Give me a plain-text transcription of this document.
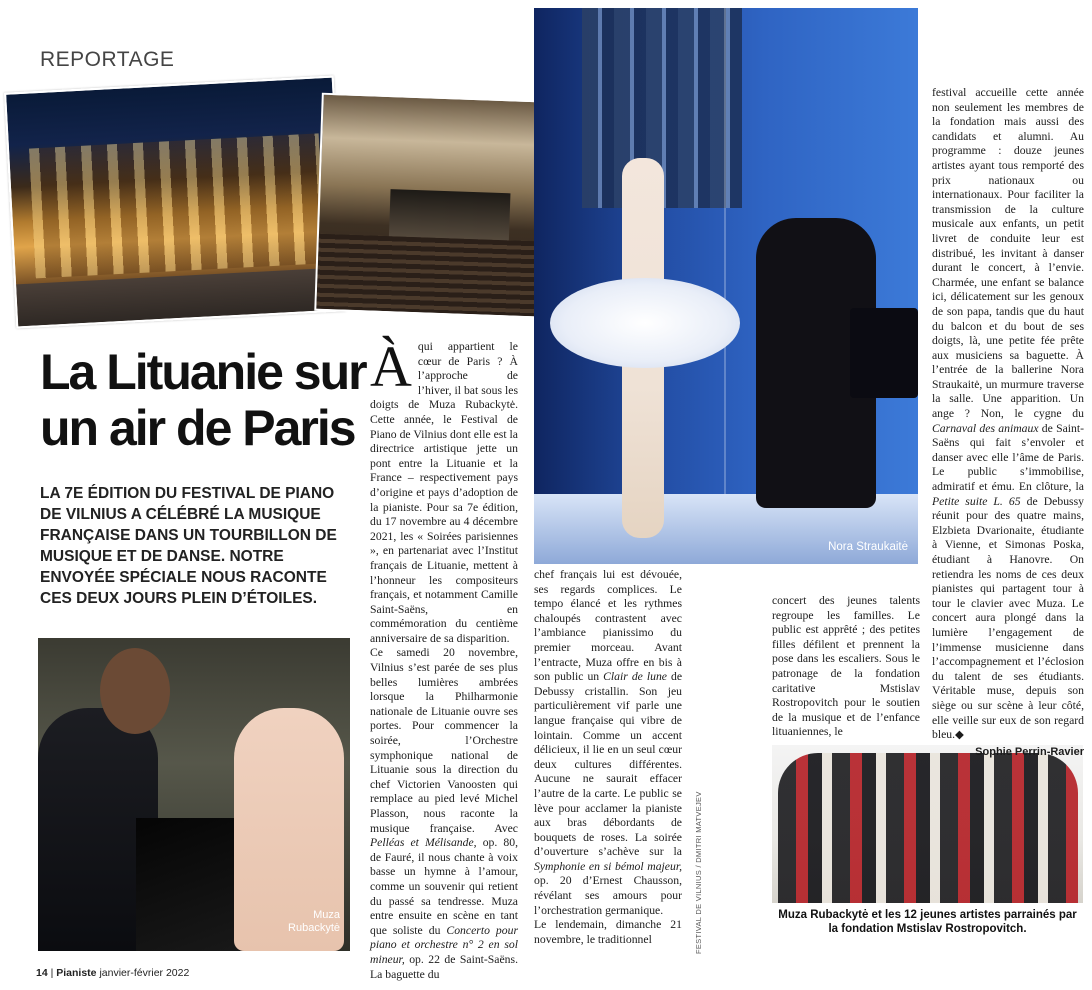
REPORTAGE
Nora Straukaitė
Muza
Rubackytė
Muza Rubackytė et les 12 jeunes artistes parrainés par la fondation Mstislav Rostropovitch.
La Lituanie sur un air de Paris
LA 7E ÉDITION DU FESTIVAL DE PIANO DE VILNIUS A CÉLÉBRÉ LA MUSIQUE FRANÇAISE DANS UN TOURBILLON DE MUSIQUE ET DE DANSE. NOTRE ENVOYÉE SPÉCIALE NOUS RACONTE CES DEUX JOURS PLEIN D’ÉTOILES.

À qui appartient le cœur de Paris ? À l’approche de l’hiver, il bat sous les doigts de Muza Rubackytė. Cette année, le Festival de Piano de Vilnius dont elle est la directrice artistique jette un pont entre la Lituanie et la France – respectivement pays d’origine et pays d’adoption de la pianiste. Pour sa 7e édition, du 17 novembre au 4 décembre 2021, les « Soirées parisiennes », en partenariat avec l’Institut français de Lituanie, mettent à l’honneur les compositeurs français, et notamment Camille Saint-Saëns, en commémoration du centième anniversaire de sa disparition.

Ce samedi 20 novembre, Vilnius s’est parée de ses plus belles lumières ambrées lorsque la Philharmonie nationale de Lituanie ouvre ses portes. Pour commencer la soirée, l’Orchestre symphonique national de Lituanie sous la direction du chef Victorien Vanoosten qui remplace au pied levé Michel Plasson, nous raconte la musique française. Avec Pelléas et Mélisande, op. 80, de Fauré, il nous chante à voix basse un hymne à l’amour, comme un souvenir qui retient du passé sa tendresse. Muza entre ensuite en scène en tant que soliste du Concerto pour piano et orchestre n° 2 en sol mineur, op. 22 de Saint-Saëns. La baguette du

chef français lui est dévouée, ses regards complices. Le tempo élancé et les rythmes chaloupés contrastent avec l’ambiance pianissimo du premier morceau. Avant l’entracte, Muza offre en bis à son public un Clair de lune de Debussy cristallin. Son jeu particulièrement vif parle une langue française qui vibre de lointain. Comme un accent délicieux, il lie en un seul cœur deux cultures différentes. Aucune ne saurait effacer l’autre de la carte. Le public se lève pour acclamer la pianiste aux bras débordants de bouquets de roses. La soirée d’ouverture s’achève sur la Symphonie en si bémol majeur, op. 20 d’Ernest Chausson, révélant ses amours pour l’orchestration germanique.

Le lendemain, dimanche 21 novembre, le traditionnel

concert des jeunes talents regroupe les familles. Le public est apprêté ; des petites filles défilent et prennent la pose dans les escaliers. Sous le patronage de la fondation caritative Mstislav Rostropovitch pour le soutien de la musique et de l’enfance lituaniennes, le

festival accueille cette année non seulement les membres de la fondation mais aussi des candidats et alumni. Au programme : douze jeunes artistes ayant tous remporté des prix nationaux ou internationaux. Pour faciliter la transmission de la culture musicale aux enfants, un petit livret de conduite leur est distribué, les invitant à danser durant le concert, à l’envie. Charmée, une enfant se balance ici, délicatement sur les genoux de son papa, tandis que du haut du balcon et du bout de ses doigts, là, une petite fée prête aux musiciens sa baguette. À l’entrée de la ballerine Nora Straukaitė, un murmure traverse la salle. Une apparition. Un ange ? Non, le cygne du Carnaval des animaux de Saint-Saëns qui fait s’envoler et danser avec elle l’âme de Paris. Le public s’immobilise, admiratif et ému. En clôture, la Petite suite L. 65 de Debussy réunit pour des quatre mains, Elzbieta Dvarionaite, étudiante à Vienne, et Simonas Poska, étudiant à Hanovre. On retiendra les noms de ces deux pianistes qui partagent tour à tour le clavier avec Muza. Le concert aura plongé dans la lumière l’engagement de l’immense musicienne dans l’accompagnement et l’éclosion du talent de ses étudiants. Véritable muse, depuis son siège ou sur scène à leur côté, elle veille sur eux de son regard bleu.◆

Sophie Perrin-Ravier
FESTIVAL DE VILNIUS / DMITRI MATVEJEV
14 | Pianiste janvier-février 2022
